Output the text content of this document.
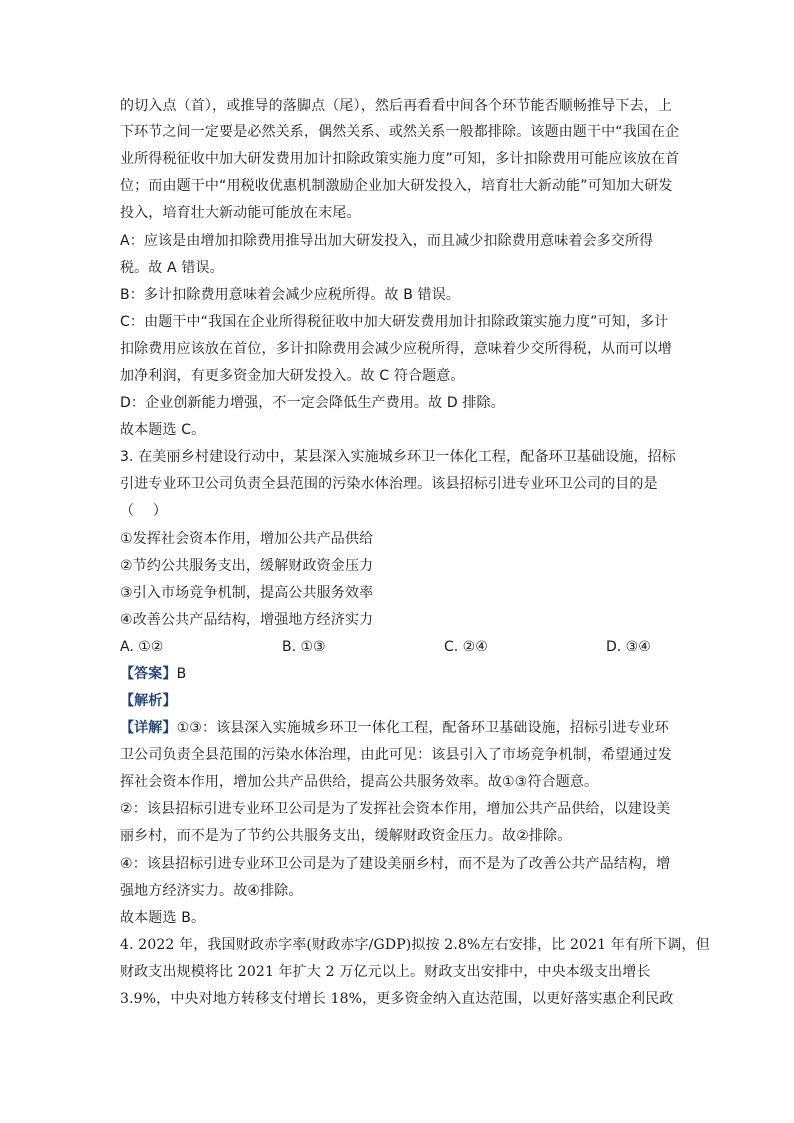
的切入点（首），或推导的落脚点（尾），然后再看看中间各个环节能否顺畅推导下去，上
下环节之间一定要是必然关系，偶然关系、或然关系一般都排除。该题由题干中“我国在企
业所得税征收中加大研发费用加计扣除政策实施力度”可知，多计扣除费用可能应该放在首
位；而由题干中“用税收优惠机制激励企业加大研发投入，培育壮大新动能”可知加大研发
投入，培育壮大新动能可能放在末尾。
A：应该是由增加扣除费用推导出加大研发投入，而且减少扣除费用意味着会多交所得
税。故 A 错误。
B：多计扣除费用意味着会减少应税所得。故 B 错误。
C：由题干中“我国在企业所得税征收中加大研发费用加计扣除政策实施力度”可知，多计
扣除费用应该放在首位，多计扣除费用会减少应税所得，意味着少交所得税，从而可以增
加净利润，有更多资金加大研发投入。故 C 符合题意。
D：企业创新能力增强，不一定会降低生产费用。故 D 排除。
故本题选 C。
3. 在美丽乡村建设行动中，某县深入实施城乡环卫一体化工程，配备环卫基础设施，招标
引进专业环卫公司负责全县范围的污染水体治理。该县招标引进专业环卫公司的目的是
（　 ）
①发挥社会资本作用，增加公共产品供给
②节约公共服务支出，缓解财政资金压力
③引入市场竞争机制，提高公共服务效率
④改善公共产品结构，增强地方经济实力
A. ①②	B. ①③	C. ②④	D. ③④
【答案】B
【解析】
【详解】①③：该县深入实施城乡环卫一体化工程，配备环卫基础设施，招标引进专业环
卫公司负责全县范围的污染水体治理，由此可见：该县引入了市场竞争机制，希望通过发
挥社会资本作用，增加公共产品供给，提高公共服务效率。故①③符合题意。
②：该县招标引进专业环卫公司是为了发挥社会资本作用，增加公共产品供给，以建设美
丽乡村，而不是为了节约公共服务支出，缓解财政资金压力。故②排除。
④：该县招标引进专业环卫公司是为了建设美丽乡村，而不是为了改善公共产品结构，增
强地方经济实力。故④排除。
故本题选 B。
4. 2022 年，我国财政赤字率(财政赤字/GDP)拟按 2.8%左右安排，比 2021 年有所下调，但
财政支出规模将比 2021 年扩大 2 万亿元以上。财政支出安排中，中央本级支出增长
3.9%，中央对地方转移支付增长 18%，更多资金纳入直达范围，以更好落实惠企利民政
